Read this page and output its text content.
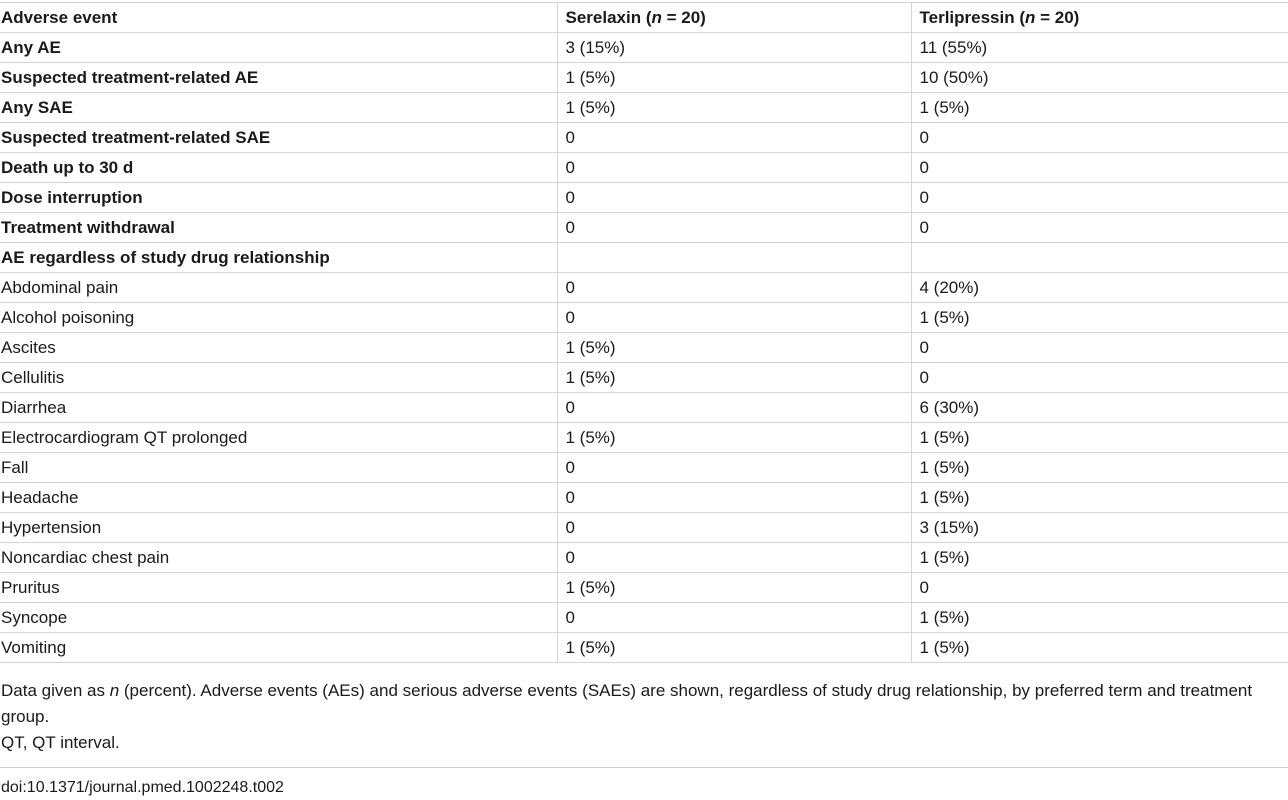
Adverse event	Serelaxin (n = 20)	Terlipressin (n = 20)
Any AE	3 (15%)	11 (55%)
Suspected treatment-related AE	1 (5%)	10 (50%)
Any SAE	1 (5%)	1 (5%)
Suspected treatment-related SAE	0	0
Death up to 30 d	0	0
Dose interruption	0	0
Treatment withdrawal	0	0
AE regardless of study drug relationship		
Abdominal pain	0	4 (20%)
Alcohol poisoning	0	1 (5%)
Ascites	1 (5%)	0
Cellulitis	1 (5%)	0
Diarrhea	0	6 (30%)
Electrocardiogram QT prolonged	1 (5%)	1 (5%)
Fall	0	1 (5%)
Headache	0	1 (5%)
Hypertension	0	3 (15%)
Noncardiac chest pain	0	1 (5%)
Pruritus	1 (5%)	0
Syncope	0	1 (5%)
Vomiting	1 (5%)	1 (5%)

Data given as n (percent). Adverse events (AEs) and serious adverse events (SAEs) are shown, regardless of study drug relationship, by preferred term and treatment group.

QT, QT interval.

doi:10.1371/journal.pmed.1002248.t002
